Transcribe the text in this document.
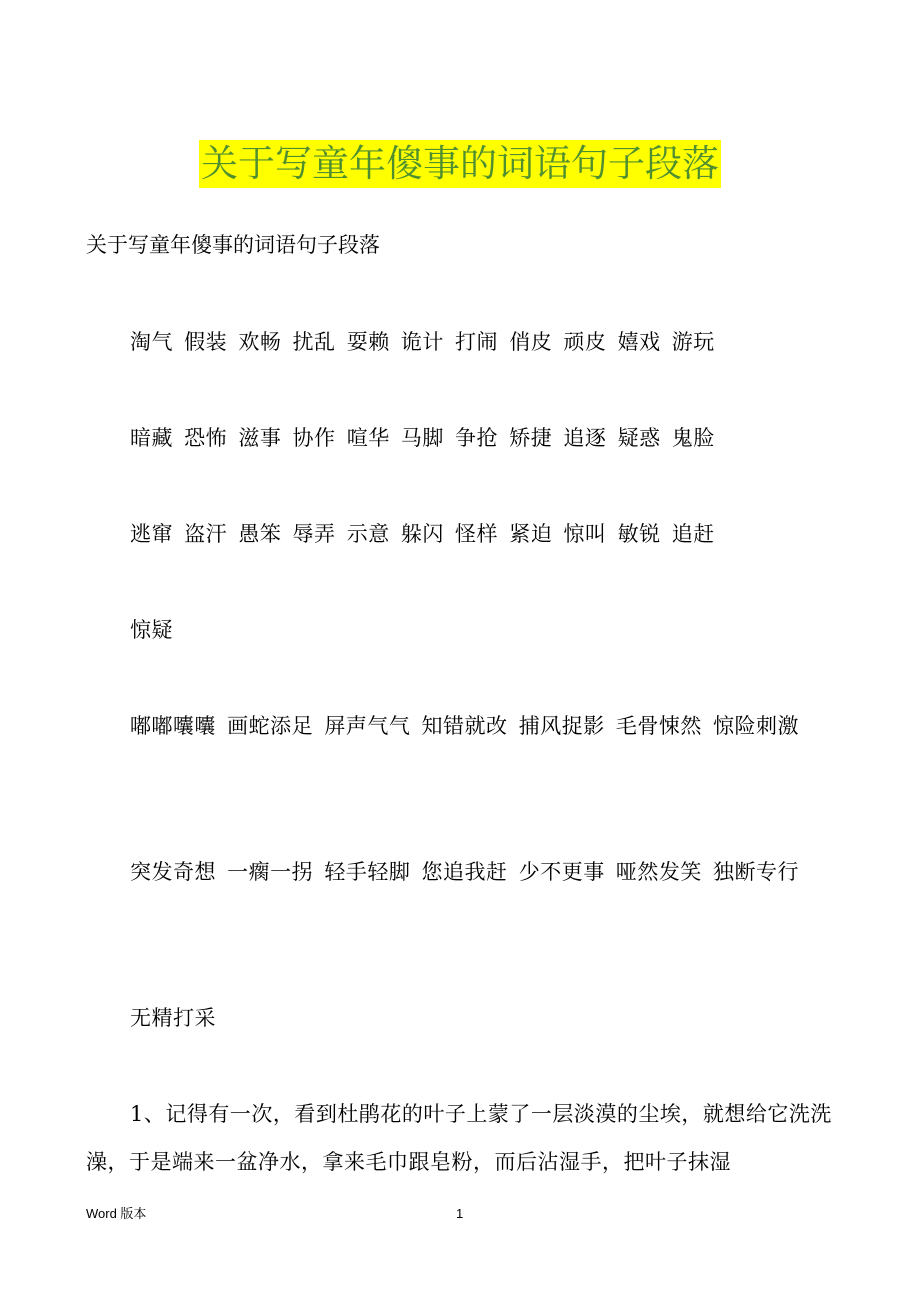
关于写童年傻事的词语句子段落
关于写童年傻事的词语句子段落
淘气 假装 欢畅 扰乱 耍赖 诡计 打闹 俏皮 顽皮 嬉戏 游玩
暗藏 恐怖 滋事 协作 喧华 马脚 争抢 矫捷 追逐 疑惑 鬼脸
逃窜 盗汗 愚笨 辱弄 示意 躲闪 怪样 紧迫 惊叫 敏锐 追赶
惊疑
嘟嘟囔囔 画蛇添足 屏声气气 知错就改 捕风捉影 毛骨悚然 惊险刺激
突发奇想 一瘸一拐 轻手轻脚 您追我赶 少不更事 哑然发笑 独断专行
无精打采
1、记得有一次，看到杜鹃花的叶子上蒙了一层淡漠的尘埃，就想给它洗洗澡，于是端来一盆净水，拿来毛巾跟皂粉，而后沾湿手，把叶子抹湿
Word 版本	1
